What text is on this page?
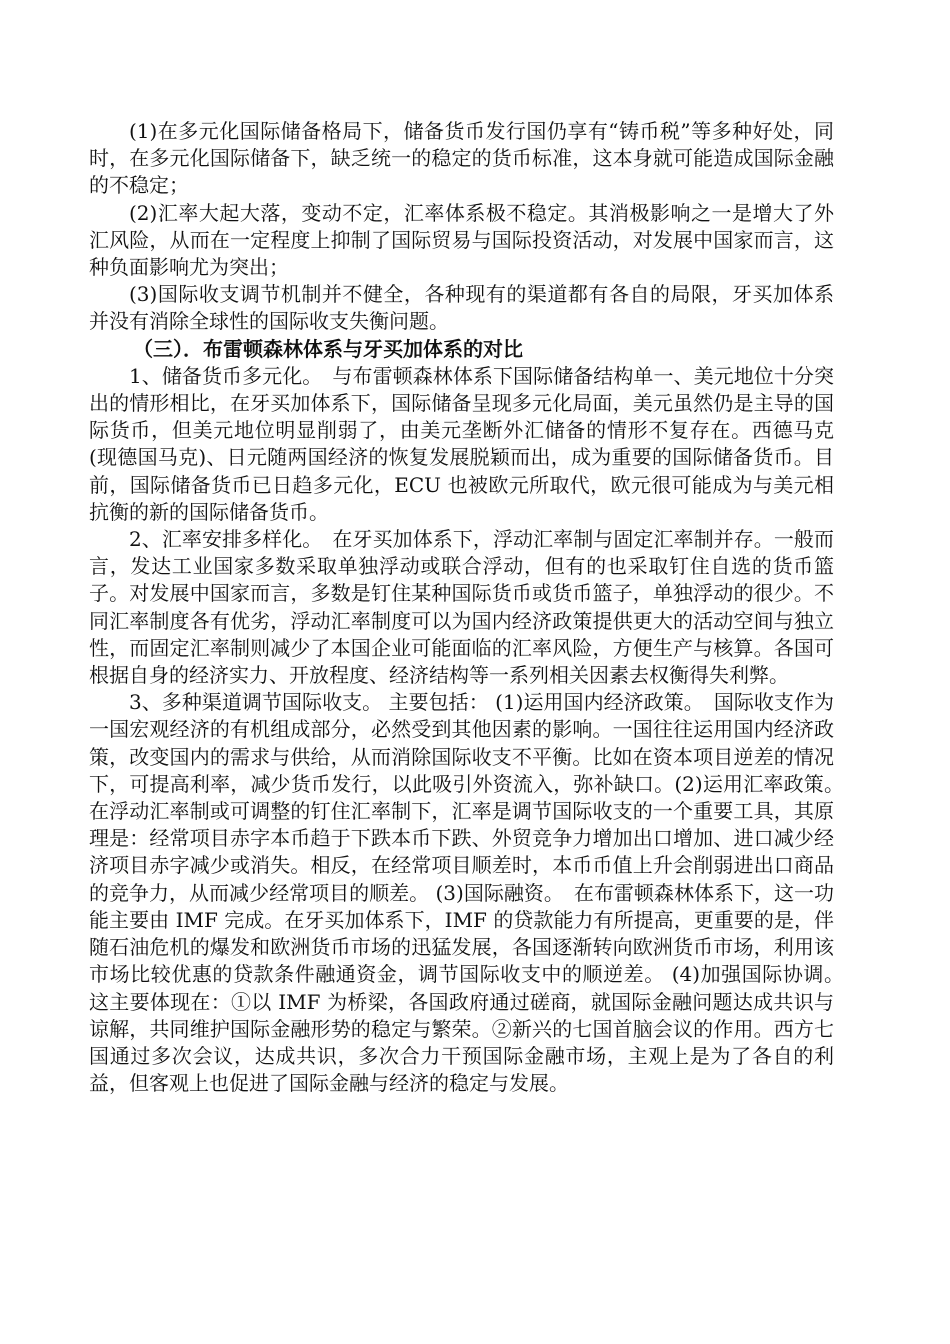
(1)在多元化国际储备格局下，储备货币发行国仍享有“铸币税”等多种好处，同时，在多元化国际储备下，缺乏统一的稳定的货币标准，这本身就可能造成国际金融的不稳定；

(2)汇率大起大落，变动不定，汇率体系极不稳定。其消极影响之一是增大了外汇风险，从而在一定程度上抑制了国际贸易与国际投资活动，对发展中国家而言，这种负面影响尤为突出；

(3)国际收支调节机制并不健全，各种现有的渠道都有各自的局限，牙买加体系并没有消除全球性的国际收支失衡问题。

（三）．布雷顿森林体系与牙买加体系的对比

1、储备货币多元化。　与布雷顿森林体系下国际储备结构单一、美元地位十分突出的情形相比，在牙买加体系下，国际储备呈现多元化局面，美元虽然仍是主导的国际货币，但美元地位明显削弱了，由美元垄断外汇储备的情形不复存在。西德马克(现德国马克)、日元随两国经济的恢复发展脱颖而出，成为重要的国际储备货币。目前，国际储备货币已日趋多元化，ECU 也被欧元所取代，欧元很可能成为与美元相抗衡的新的国际储备货币。

2、汇率安排多样化。　在牙买加体系下，浮动汇率制与固定汇率制并存。一般而言，发达工业国家多数采取单独浮动或联合浮动，但有的也采取钉住自选的货币篮子。对发展中国家而言，多数是钉住某种国际货币或货币篮子，单独浮动的很少。不同汇率制度各有优劣，浮动汇率制度可以为国内经济政策提供更大的活动空间与独立性，而固定汇率制则减少了本国企业可能面临的汇率风险，方便生产与核算。各国可根据自身的经济实力、开放程度、经济结构等一系列相关因素去权衡得失利弊。

3、多种渠道调节国际收支。 主要包括： (1)运用国内经济政策。　国际收支作为一国宏观经济的有机组成部分，必然受到其他因素的影响。一国往往运用国内经济政策，改变国内的需求与供给，从而消除国际收支不平衡。比如在资本项目逆差的情况下，可提高利率，减少货币发行，以此吸引外资流入，弥补缺口。(2)运用汇率政策。　在浮动汇率制或可调整的钉住汇率制下，汇率是调节国际收支的一个重要工具，其原理是：经常项目赤字本币趋于下跌本币下跌、外贸竞争力增加出口增加、进口减少经济项目赤字减少或消失。相反，在经常项目顺差时，本币币值上升会削弱进出口商品的竞争力，从而减少经常项目的顺差。 (3)国际融资。　在布雷顿森林体系下，这一功能主要由 IMF 完成。在牙买加体系下，IMF 的贷款能力有所提高，更重要的是，伴随石油危机的爆发和欧洲货币市场的迅猛发展，各国逐渐转向欧洲货币市场，利用该市场比较优惠的贷款条件融通资金，调节国际收支中的顺逆差。 (4)加强国际协调。　这主要体现在：①以 IMF 为桥梁，各国政府通过磋商，就国际金融问题达成共识与谅解，共同维护国际金融形势的稳定与繁荣。②新兴的七国首脑会议的作用。西方七国通过多次会议，达成共识，多次合力干预国际金融市场，主观上是为了各自的利益，但客观上也促进了国际金融与经济的稳定与发展。
